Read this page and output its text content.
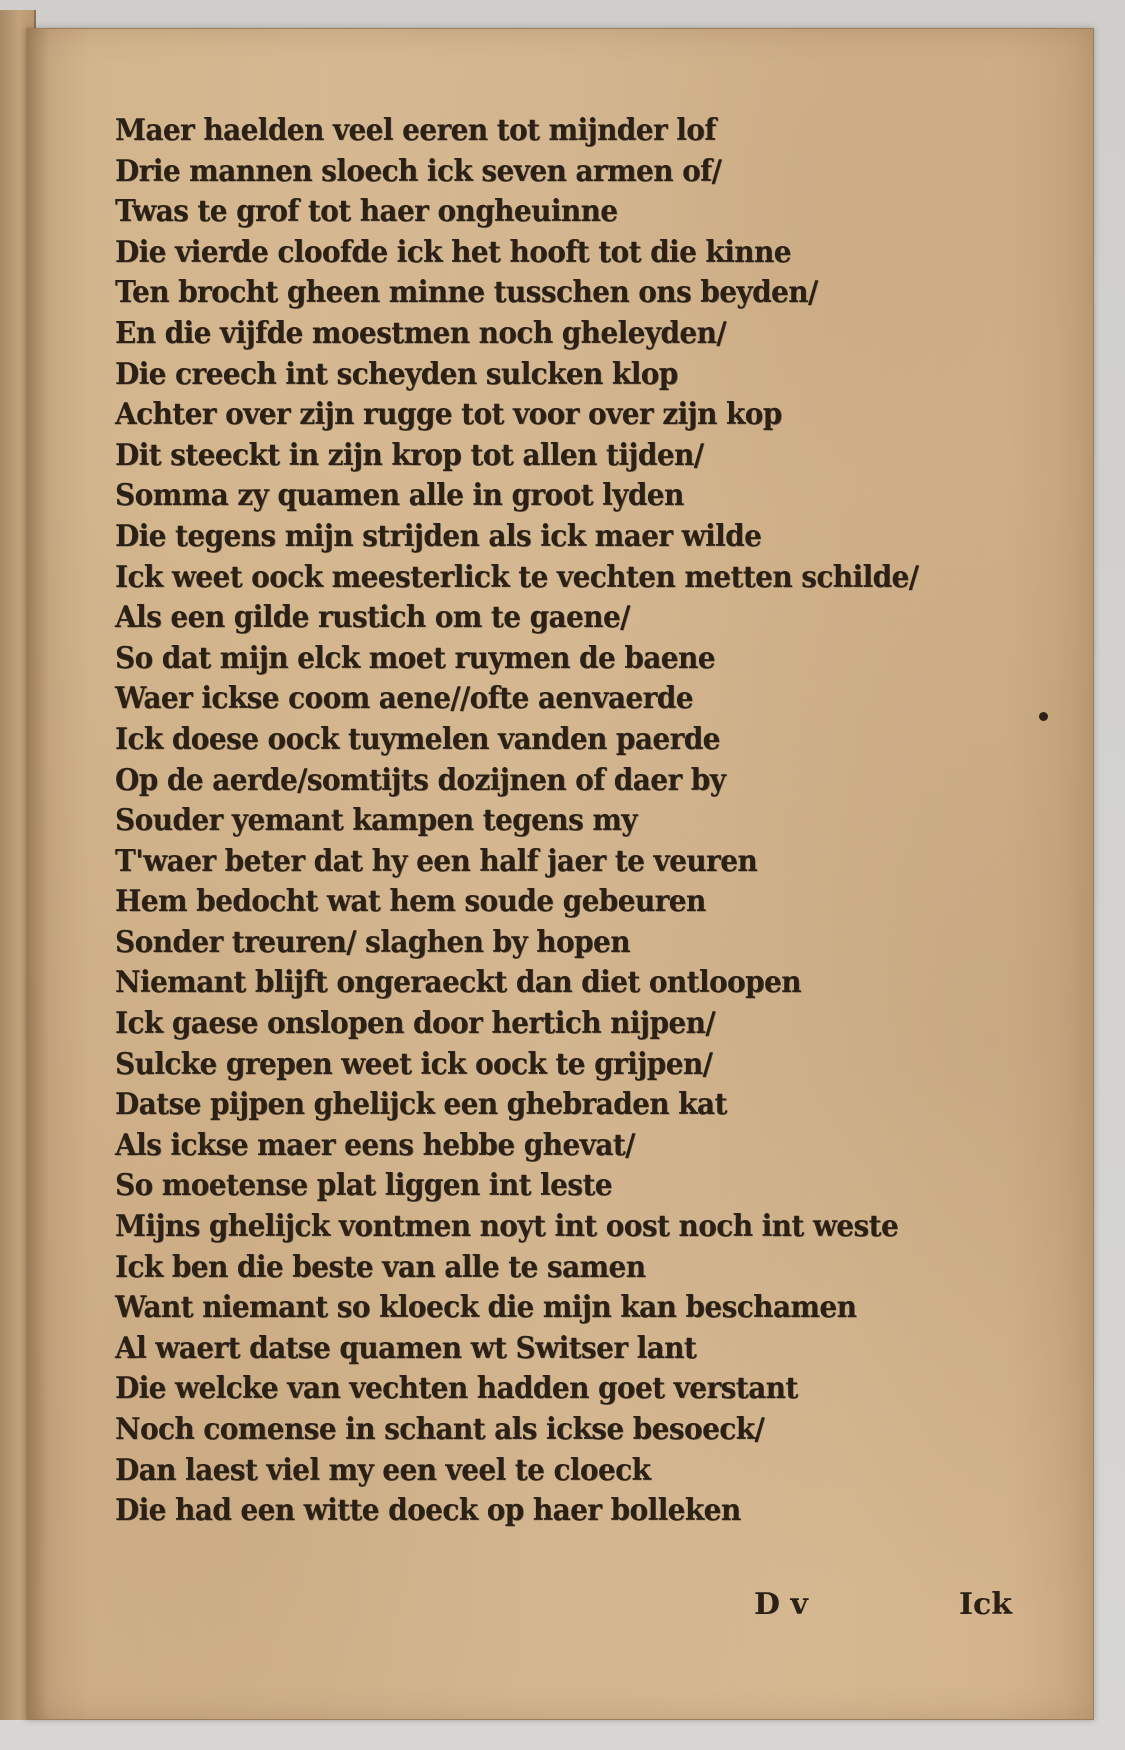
Maer haelden veel eeren tot mijnder lof
Drie mannen sloech ick seven armen of/
Twas te grof tot haer ongheuinne
Die vierde cloofde ick het hooft tot die kinne
Ten brocht gheen minne tusschen ons beyden/
En die vijfde moestmen noch gheleyden/
Die creech int scheyden sulcken klop
Achter over zijn rugge tot voor over zijn kop
Dit steeckt in zijn krop tot allen tijden/
Somma zy quamen alle in groot lyden
Die tegens mijn strijden als ick maer wilde
Ick weet oock meesterlick te vechten metten schilde/
Als een gilde rustich om te gaene/
So dat mijn elck moet ruymen de baene
Waer ickse coom aene//ofte aenvaerde
Ick doese oock tuymelen vanden paerde
Op de aerde/somtijts dozijnen of daer by
Souder yemant kampen tegens my
T'waer beter dat hy een half jaer te veuren
Hem bedocht wat hem soude gebeuren
Sonder treuren/ slaghen by hopen
Niemant blijft ongeraeckt dan diet ontloopen
Ick gaese onslopen door hertich nijpen/
Sulcke grepen weet ick oock te grijpen/
Datse pijpen ghelijck een ghebraden kat
Als ickse maer eens hebbe ghevat/
So moetense plat liggen int leste
Mijns ghelijck vontmen noyt int oost noch int weste
Ick ben die beste van alle te samen
Want niemant so kloeck die mijn kan beschamen
Al waert datse quamen wt Switser lant
Die welcke van vechten hadden goet verstant
Noch comense in schant als ickse besoeck/
Dan laest viel my een veel te cloeck
Die had een witte doeck op haer bolleken
D v	Ick
